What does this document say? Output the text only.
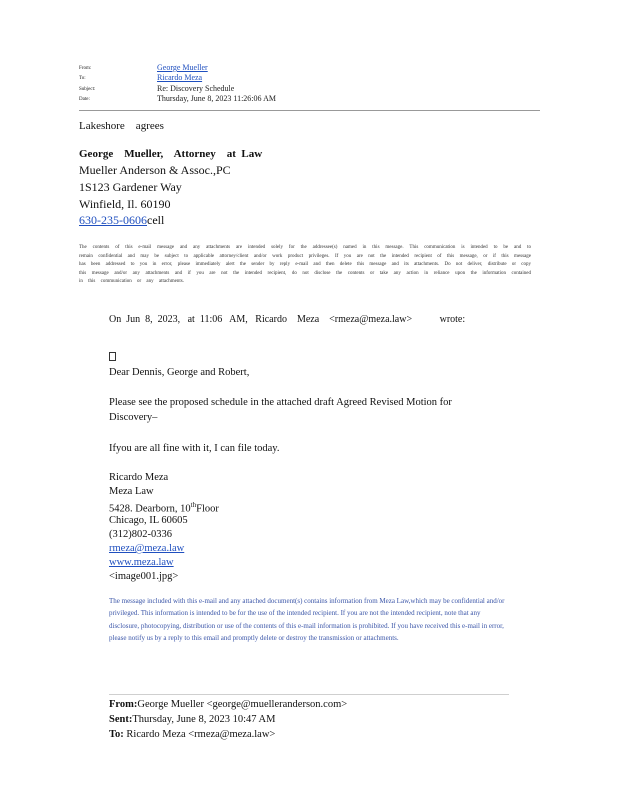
From:	George Mueller
To:	Ricardo Meza
Subject:	Re: Discovery Schedule
Date:	Thursday, June 8, 2023 11:26:06 AM
Lakeshore    agrees
George    Mueller,    Attorney    at  Law
Mueller Anderson & Assoc.,PC
1S123 Gardener Way
Winfield, Il. 60190
630-235-0606cell
The contents of this e-mail message and any attachments are intended solely for the addressee(s) named in this message. This communication is intended to be and to remain confidential and may be subject to applicable attorney/client and/or work product privileges. If you are not the intended recipient of this message, or if this message has been addressed to you in error, please immediately alert the sender by reply e-mail and then delete this message and its attachments. Do not deliver, distribute or copy this message and/or any attachments and if you are not the intended recipient, do not disclose the contents or take any action in reliance upon the information contained in this communication or any attachments.
On  Jun  8,  2023,   at  11:06   AM,   Ricardo    Meza    <rmeza@meza.law>           wrote:
Dear Dennis, George and Robert,
Please see the proposed schedule in the attached draft Agreed Revised Motion for
Discovery–
Ifyou are all fine with it, I can file today.
Ricardo Meza
Meza Law
5428. Dearborn, 10thFloor
Chicago, IL 60605
(312)802-0336
rmeza@meza.law
www.meza.law
<image001.jpg>
The message included with this e-mail and any attached document(s) contains information from Meza Law,which may be confidential and/or privileged. This information is intended to be for the use of the intended recipient. If you are not the intended recipient, note that any disclosure, photocopying, distribution or use of the contents of this e-mail information is prohibited. If you have received this e-mail in error, please notify us by a reply to this email and promptly delete or destroy the transmission or attachments.
From:George Mueller <george@muelleranderson.com>
Sent:Thursday, June 8, 2023 10:47 AM
To: Ricardo Meza <rmeza@meza.law>
